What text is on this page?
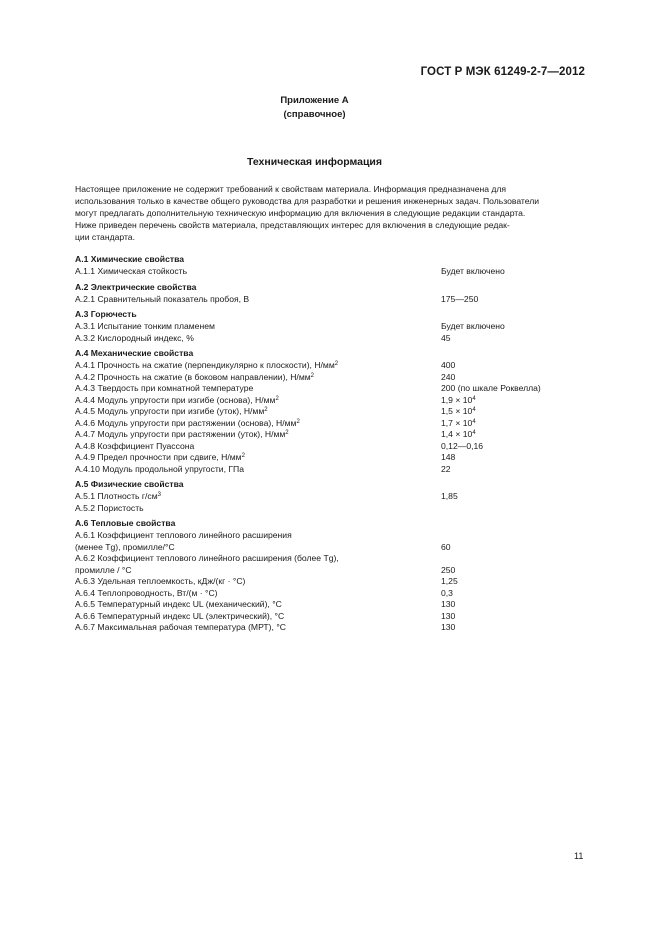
ГОСТ Р МЭК 61249-2-7—2012
Приложение А
(справочное)
Техническая информация

Настоящее приложение не содержит требований к свойствам материала. Информация предназначена для

использования только в качестве общего руководства для разработки и решения инженерных задач. Пользователи

могут предлагать дополнительную техническую информацию для включения в следующие редакции стандарта.

Ниже приведен перечень свойств материала, представляющих интерес для включения в следующие редак-

ции стандарта.

А.1 Химические свойства
А.1.1 Химическая стойкость	Будет включено
А.2 Электрические свойства
А.2.1 Сравнительный показатель пробоя, В	175—250
А.3 Горючесть
А.3.1 Испытание тонким пламенем	Будет включено
А.3.2 Кислородный индекс, %	45
А.4 Механические свойства
А.4.1 Прочность на сжатие (перпендикулярно к плоскости), $Н/мм^2$	400
А.4.2 Прочность на сжатие (в боковом направлении), $Н/мм^2$	240
А.4.3 Твердость при комнатной температуре	200 (по шкале Роквелла)
А.4.4 Модуль упругости при изгибе (основа), $Н/мм^2$	$1,9 \times 10^4$
А.4.5 Модуль упругости при изгибе (уток), $Н/мм^2$	$1,5 \times 10^4$
А.4.6 Модуль упругости при растяжении (основа), $Н/мм^2$	$1,7 \times 10^4$
А.4.7 Модуль упругости при растяжении (уток), $Н/мм^2$	$1,4 \times 10^4$
А.4.8 Коэффициент Пуассона	0,12—0,16
А.4.9 Предел прочности при сдвиге, $Н/мм^2$	148
А.4.10 Модуль продольной упругости, ГПа	22
А.5 Физические свойства
А.5.1 Плотность $г/см^3$	1,85
А.5.2 Пористость
А.6 Тепловые свойства
А.6.1 Коэффициент теплового линейного расширения
(менее Tg), промилле/°C	60
А.6.2 Коэффициент теплового линейного расширения (более Tg),
промилле / °C	250
А.6.3 Удельная теплоемкость, кДж/(кг · °C)	1,25
А.6.4 Теплопроводность, Вт/(м · °C)	0,3
А.6.5 Температурный индекс UL (механический), °C	130
А.6.6 Температурный индекс UL (электрический), °C	130
А.6.7 Максимальная рабочая температура (МРТ), °C	130
11
